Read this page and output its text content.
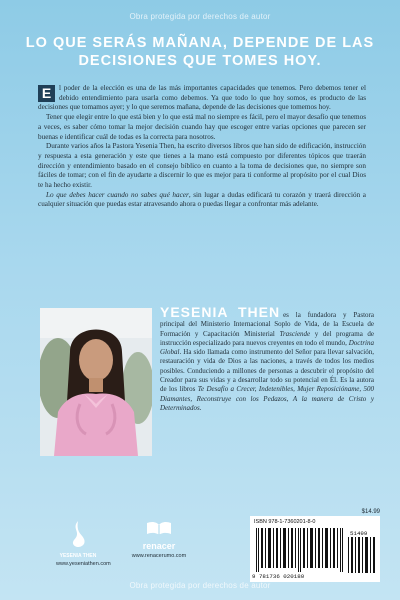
Obra protegida por derechos de autor
LO QUE SERÁS MAÑANA, DEPENDE DE LAS
DECISIONES QUE TOMES HOY.

E	l poder de la elección es una de las más importantes capacidades que tenemos. Pero debemos tener el debido entendimiento para usarla como debemos. Ya que todo lo que hoy somos, es producto de las decisiones que tomamos ayer; y lo que seremos mañana, depende de las decisiones que tomemos hoy.

Tener que elegir entre lo que está bien y lo que está mal no siempre es fácil, pero el mayor desafío que tenemos a veces, es saber cómo tomar la mejor decisión cuando hay que escoger entre varias opciones que parecen ser buenas e identificar cuál de todas es la correcta para nosotros.

Durante varios años la Pastora Yesenia Then, ha escrito diversos libros que han sido de edificación, instrucción y respuesta a esta generación y este que tienes a la mano está compuesto por diferentes tópicos que traerán dirección y entendimiento basado en el consejo bíblico en cuanto a la toma de decisiones que, no siempre son fáciles de tomar; con el fin de ayudarte a discernir lo que es mejor para ti conforme al propósito por el cual Dios te ha hecho existir.

Lo que debes hacer cuando no sabes qué hacer, sin lugar a dudas edificará tu corazón y traerá dirección a cualquier situación que puedas estar atravesando ahora o puedas llegar a confrontar más adelante.

YESENIA THEN es la fundadora y Pastora principal del Ministerio Internacional Soplo de Vida, de la Escuela de Formación y Capacitación Ministerial Trasciende y del programa de instrucción especializado para nuevos creyentes en todo el mundo, Doctrina Global. Ha sido llamada como instrumento del Señor para llevar salvación, restauración y vida de Dios a las naciones, a través de todos los medios posibles. Conduciendo a millones de personas a descubrir el propósito del Creador para sus vidas y a desarrollar todo su potencial en Él. Es la autora de los libros Te Desafío a Crecer, Indetenibles, Mujer Reposicióname, 500 Diamantes, Reconstruye con los Pedazos, A la manera de Cristo y Determinados.
YESENIA THEN
www.yeseniathen.com
renacer
www.renacerumo.com
$14.99
ISBN 978-1-7360201-8-0
9 781736 020180
51499
Obra protegida por derechos de autor
